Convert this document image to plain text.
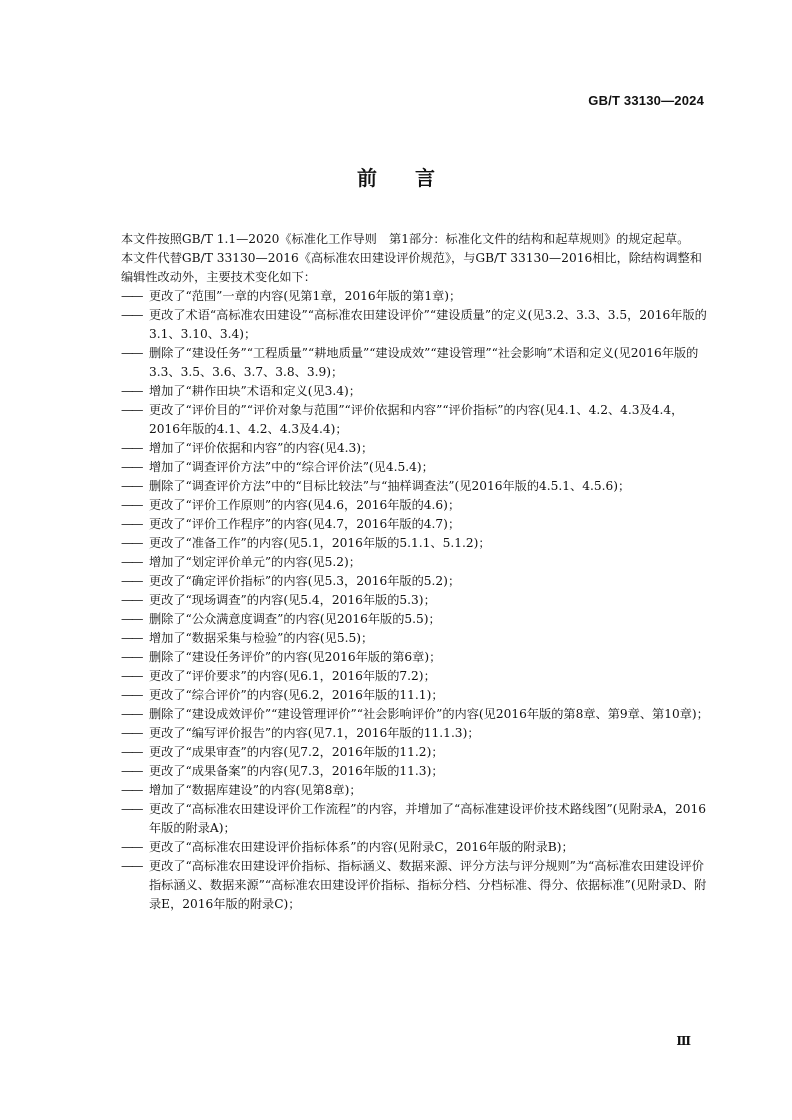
GB/T 33130—2024
前 言

本文件按照GB/T 1.1—2020《标准化工作导则　第1部分：标准化文件的结构和起草规则》的规定起草。

本文件代替GB/T 33130—2016《高标准农田建设评价规范》，与GB/T 33130—2016相比，除结构调整和编辑性改动外，主要技术变化如下：

—— 更改了“范围”一章的内容(见第1章，2016年版的第1章)；
—— 更改了术语“高标准农田建设”“高标准农田建设评价”“建设质量”的定义(见3.2、3.3、3.5，2016年版的3.1、3.10、3.4)；
—— 删除了“建设任务”“工程质量”“耕地质量”“建设成效”“建设管理”“社会影响”术语和定义(见2016年版的3.3、3.5、3.6、3.7、3.8、3.9)；
—— 增加了“耕作田块”术语和定义(见3.4)；
—— 更改了“评价目的”“评价对象与范围”“评价依据和内容”“评价指标”的内容(见4.1、4.2、4.3及4.4，2016年版的4.1、4.2、4.3及4.4)；
—— 增加了“评价依据和内容”的内容(见4.3)；
—— 增加了“调查评价方法”中的“综合评价法”(见4.5.4)；
—— 删除了“调查评价方法”中的“目标比较法”与“抽样调查法”(见2016年版的4.5.1、4.5.6)；
—— 更改了“评价工作原则”的内容(见4.6，2016年版的4.6)；
—— 更改了“评价工作程序”的内容(见4.7，2016年版的4.7)；
—— 更改了“准备工作”的内容(见5.1，2016年版的5.1.1、5.1.2)；
—— 增加了“划定评价单元”的内容(见5.2)；
—— 更改了“确定评价指标”的内容(见5.3，2016年版的5.2)；
—— 更改了“现场调查”的内容(见5.4，2016年版的5.3)；
—— 删除了“公众满意度调查”的内容(见2016年版的5.5)；
—— 增加了“数据采集与检验”的内容(见5.5)；
—— 删除了“建设任务评价”的内容(见2016年版的第6章)；
—— 更改了“评价要求”的内容(见6.1，2016年版的7.2)；
—— 更改了“综合评价”的内容(见6.2，2016年版的11.1)；
—— 删除了“建设成效评价”“建设管理评价”“社会影响评价”的内容(见2016年版的第8章、第9章、第10章)；
—— 更改了“编写评价报告”的内容(见7.1，2016年版的11.1.3)；
—— 更改了“成果审查”的内容(见7.2，2016年版的11.2)；
—— 更改了“成果备案”的内容(见7.3，2016年版的11.3)；
—— 增加了“数据库建设”的内容(见第8章)；
—— 更改了“高标准农田建设评价工作流程”的内容，并增加了“高标准建设评价技术路线图”(见附录A，2016年版的附录A)；
—— 更改了“高标准农田建设评价指标体系”的内容(见附录C，2016年版的附录B)；
—— 更改了“高标准农田建设评价指标、指标涵义、数据来源、评分方法与评分规则”为“高标准农田建设评价指标涵义、数据来源”“高标准农田建设评价指标、指标分档、分档标准、得分、依据标准”(见附录D、附录E，2016年版的附录C)；
Ⅲ
